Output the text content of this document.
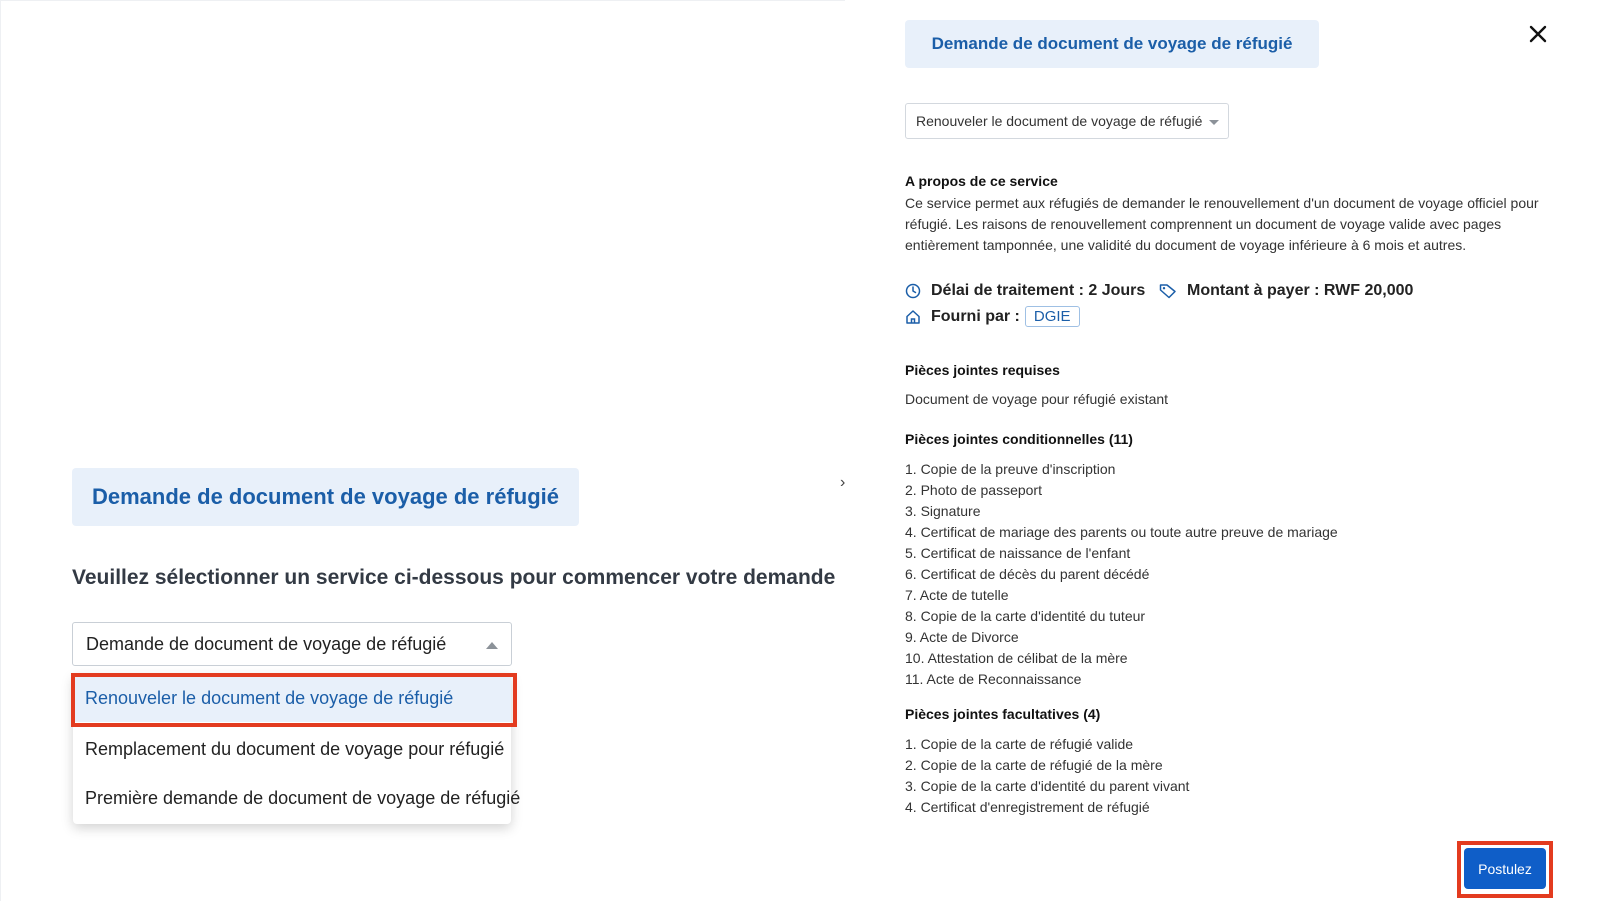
Demande de document de voyage de réfugié
Veuillez sélectionner un service ci-dessous pour commencer votre demande
Demande de document de voyage de réfugié
Renouveler le document de voyage de réfugié
Remplacement du document de voyage pour réfugié
Première demande de document de voyage de réfugié
›
Demande de document de voyage de réfugié
Renouveler le document de voyage de réfugié
A propos de ce service
Ce service permet aux réfugiés de demander le renouvellement d'un document de voyage officiel pour réfugié. Les raisons de renouvellement comprennent un document de voyage valide avec pages entièrement tamponnée, une validité du document de voyage inférieure à 6 mois et autres.
Délai de traitement : 2 Jours	Montant à payer : RWF 20,000
Fourni par : DGIE
Pièces jointes requises
Document de voyage pour réfugié existant
Pièces jointes conditionnelles (11)
1. Copie de la preuve d'inscription
2. Photo de passeport
3. Signature
4. Certificat de mariage des parents ou toute autre preuve de mariage
5. Certificat de naissance de l'enfant
6. Certificat de décès du parent décédé
7. Acte de tutelle
8. Copie de la carte d'identité du tuteur
9. Acte de Divorce
10. Attestation de célibat de la mère
11. Acte de Reconnaissance
Pièces jointes facultatives (4)
1. Copie de la carte de réfugié valide
2. Copie de la carte de réfugié de la mère
3. Copie de la carte d'identité du parent vivant
4. Certificat d'enregistrement de réfugié
Postulez
